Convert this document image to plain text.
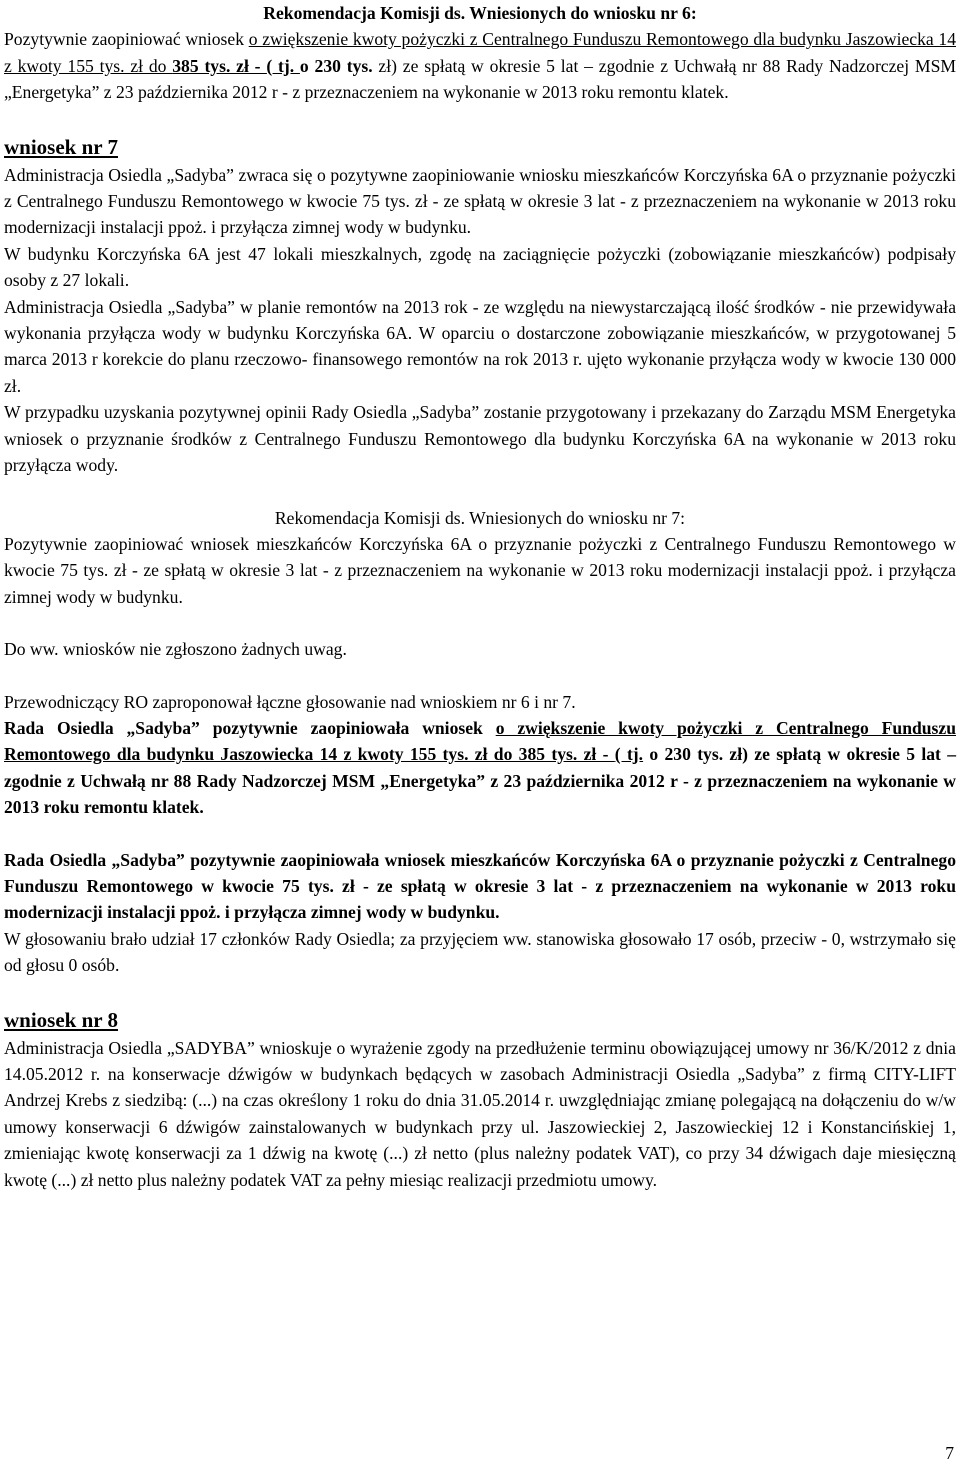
Rekomendacja Komisji ds. Wniesionych do wniosku nr 6:
Pozytywnie zaopiniować wniosek o zwiększenie kwoty pożyczki z Centralnego Funduszu Remontowego dla budynku Jaszowiecka 14 z kwoty 155 tys. zł do 385 tys. zł - ( tj. o 230 tys. zł) ze spłatą w okresie 5 lat – zgodnie z Uchwałą nr 88 Rady Nadzorczej MSM „Energetyka” z 23 października 2012 r - z przeznaczeniem na wykonanie w 2013 roku remontu klatek.
wniosek nr 7
Administracja Osiedla „Sadyba” zwraca się o pozytywne zaopiniowanie wniosku mieszkańców Korczyńska 6A o przyznanie pożyczki z Centralnego Funduszu Remontowego w kwocie 75 tys. zł - ze spłatą w okresie 3 lat - z przeznaczeniem na wykonanie w 2013 roku modernizacji instalacji ppoż. i przyłącza zimnej wody w budynku.
W budynku Korczyńska 6A jest 47 lokali mieszkalnych, zgodę na zaciągnięcie pożyczki (zobowiązanie mieszkańców) podpisały osoby z 27 lokali.
Administracja Osiedla „Sadyba” w planie remontów na 2013 rok - ze względu na niewystarczającą ilość środków - nie przewidywała wykonania przyłącza wody w budynku Korczyńska 6A. W oparciu o dostarczone zobowiązanie mieszkańców, w przygotowanej 5 marca 2013 r korekcie do planu rzeczowo- finansowego remontów na rok 2013 r. ujęto wykonanie przyłącza wody w kwocie 130 000 zł.
W przypadku uzyskania pozytywnej opinii Rady Osiedla „Sadyba” zostanie przygotowany i przekazany do Zarządu MSM Energetyka wniosek o przyznanie środków z Centralnego Funduszu Remontowego dla budynku Korczyńska 6A na wykonanie w 2013 roku przyłącza wody.
Rekomendacja Komisji ds. Wniesionych do wniosku nr 7:
Pozytywnie zaopiniować wniosek mieszkańców Korczyńska 6A o przyznanie pożyczki z Centralnego Funduszu Remontowego w kwocie 75 tys. zł - ze spłatą w okresie 3 lat - z przeznaczeniem na wykonanie w 2013 roku modernizacji instalacji ppoż. i przyłącza zimnej wody w budynku.
Do ww. wniosków nie zgłoszono żadnych uwag.
Przewodniczący RO zaproponował łączne głosowanie nad wnioskiem nr 6 i nr 7.
Rada Osiedla „Sadyba” pozytywnie zaopiniowała wniosek o zwiększenie kwoty pożyczki z Centralnego Funduszu Remontowego dla budynku Jaszowiecka 14 z kwoty 155 tys. zł do 385 tys. zł - ( tj. o 230 tys. zł) ze spłatą w okresie 5 lat – zgodnie z Uchwałą nr 88 Rady Nadzorczej MSM „Energetyka” z 23 października 2012 r - z przeznaczeniem na wykonanie w 2013 roku remontu klatek.
Rada Osiedla „Sadyba” pozytywnie zaopiniowała wniosek mieszkańców Korczyńska 6A o przyznanie pożyczki z Centralnego Funduszu Remontowego w kwocie 75 tys. zł - ze spłatą w okresie 3 lat - z przeznaczeniem na wykonanie w 2013 roku modernizacji instalacji ppoż. i przyłącza zimnej wody w budynku.
W głosowaniu brało udział 17 członków Rady Osiedla; za przyjęciem ww. stanowiska głosowało 17 osób, przeciw - 0, wstrzymało się od głosu 0 osób.
wniosek nr 8
Administracja Osiedla „SADYBA” wnioskuje o wyrażenie zgody na przedłużenie terminu obowiązującej umowy nr 36/K/2012 z dnia 14.05.2012 r. na konserwacje dźwigów w budynkach będących w zasobach Administracji Osiedla „Sadyba” z firmą CITY-LIFT Andrzej Krebs z siedzibą: (...) na czas określony 1 roku do dnia 31.05.2014 r. uwzględniając zmianę polegającą na dołączeniu do w/w umowy konserwacji 6 dźwigów zainstalowanych w budynkach przy ul. Jaszowieckiej 2, Jaszowieckiej 12 i Konstancińskiej 1, zmieniając kwotę konserwacji za 1 dźwig na kwotę (...) zł netto (plus należny podatek VAT), co przy 34 dźwigach daje miesięczną kwotę (...) zł netto plus należny podatek VAT za pełny miesiąc realizacji przedmiotu umowy.
7
